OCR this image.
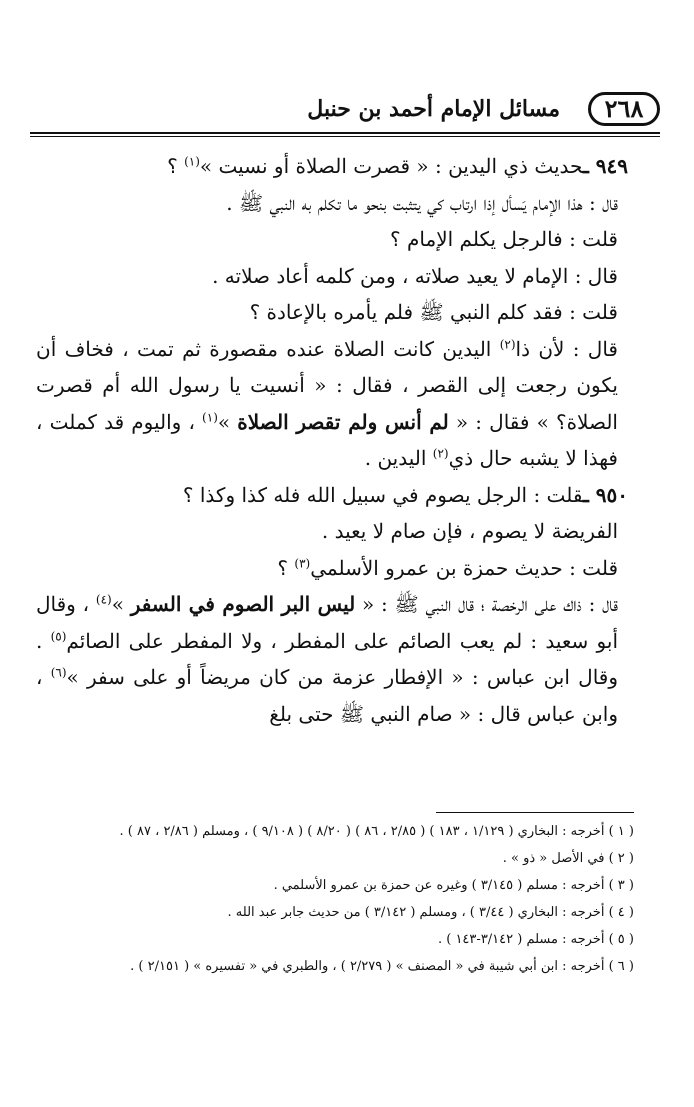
٢٦٨
مسائل الإمام أحمد بن حنبل

٩٤٩ ـحديث ذي اليدين : « قصرت الصلاة أو نسيت »$^{(١)}$ ؟

قال : هذا الإمام يَسأل إذا ارتاب كي يتثبت بنحو ما تكلم به النبي ﷺ .

قلت : فالرجل يكلم الإمام ؟

قال : الإمام لا يعيد صلاته ، ومن كلمه أعاد صلاته .

قلت : فقد كلم النبي ﷺ فلم يأمره بالإعادة ؟

قال : لأن ذا$^{(٢)}$ اليدين كانت الصلاة عنده مقصورة ثم تمت ، فخاف أن يكون رجعت إلى القصر ، فقال : « أنسيت يا رسول الله أم قصرت الصلاة؟ » فقال : « لم أنس ولم تقصر الصلاة »$^{(١)}$ ، واليوم قد كملت ، فهذا لا يشبه حال ذي$^{(٢)}$ اليدين .

٩٥٠ ـقلت : الرجل يصوم في سبيل الله فله كذا وكذا ؟

الفريضة لا يصوم ، فإن صام لا يعيد .

قلت : حديث حمزة بن عمرو الأسلمي$^{(٣)}$ ؟

قال : ذاك على الرخصة ؛ قال النبي ﷺ : « ليس البر الصوم في السفر »$^{(٤)}$ ، وقال أبو سعيد : لم يعب الصائم على المفطر ، ولا المفطر على الصائم$^{(٥)}$ . وقال ابن عباس : « الإفطار عزمة من كان مريضاً أو على سفر »$^{(٦)}$ ، وابن عباس قال : « صام النبي ﷺ حتى بلغ

( ١ ) أخرجه : البخاري ( ١/١٢٩ ، ١٨٣ ) ( ٢/٨٥ ، ٨٦ ) ( ٨/٢٠ ) ( ٩/١٠٨ ) ، ومسلم ( ٢/٨٦ ، ٨٧ ) .

( ٢ ) في الأصل « ذو » .

( ٣ ) أخرجه : مسلم ( ٣/١٤٥ ) وغيره عن حمزة بن عمرو الأسلمي .

( ٤ ) أخرجه : البخاري ( ٣/٤٤ ) ، ومسلم ( ٣/١٤٢ ) من حديث جابر عبد الله .

( ٥ ) أخرجه : مسلم ( ٣/١٤٢-١٤٣ ) .

( ٦ ) أخرجه : ابن أبي شيبة في « المصنف » ( ٢/٢٧٩ ) ، والطبري في « تفسيره » ( ٢/١٥١ ) .
